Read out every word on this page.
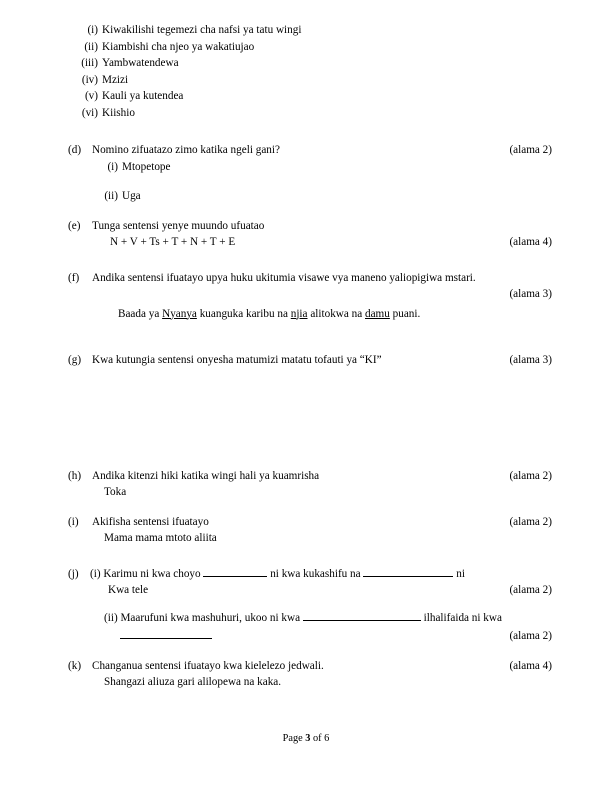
(i) Kiwakilishi tegemezi cha nafsi ya tatu wingi
(ii) Kiambishi cha njeo ya wakatiujao
(iii) Yambwatendewa
(iv) Mzizi
(v) Kauli ya kutendea
(vi) Kiishio
(d)	(alama 2)
Nomino zifuatazo zimo katika ngeli gani?
(i) Mtopetope
(ii) Uga
(e)	Tunga sentensi yenye muundo ufuatao
N + V + Ts + T + N + T + E	(alama 4)
(f)	Andika sentensi ifuatayo upya huku ukitumia visawe vya maneno yaliopigiwa mstari.
(alama 3)
Baada ya Nyanya kuanguka karibu na njia alitokwa na damu puani.
(g)	(alama 3)
Kwa kutungia sentensi onyesha matumizi matatu tofauti ya “KI”
(h)	(alama 2)
Andika kitenzi hiki katika wingi hali ya kuamrisha
Toka
(i)	(alama 2)
Akifisha sentensi ifuatayo
Mama mama mtoto aliita
(j)	(i) Karimu ni kwa choyo	ni kwa kukashifu na	ni
Kwa tele	(alama 2)
(ii) Maarufuni kwa mashuhuri, ukoo ni kwa	ilhalifaida ni kwa
(alama 2)
(k)	(alama 4)
Changanua sentensi ifuatayo kwa kielelezo jedwali.
Shangazi aliuza gari alilopewa na kaka.
Page 3 of 6
